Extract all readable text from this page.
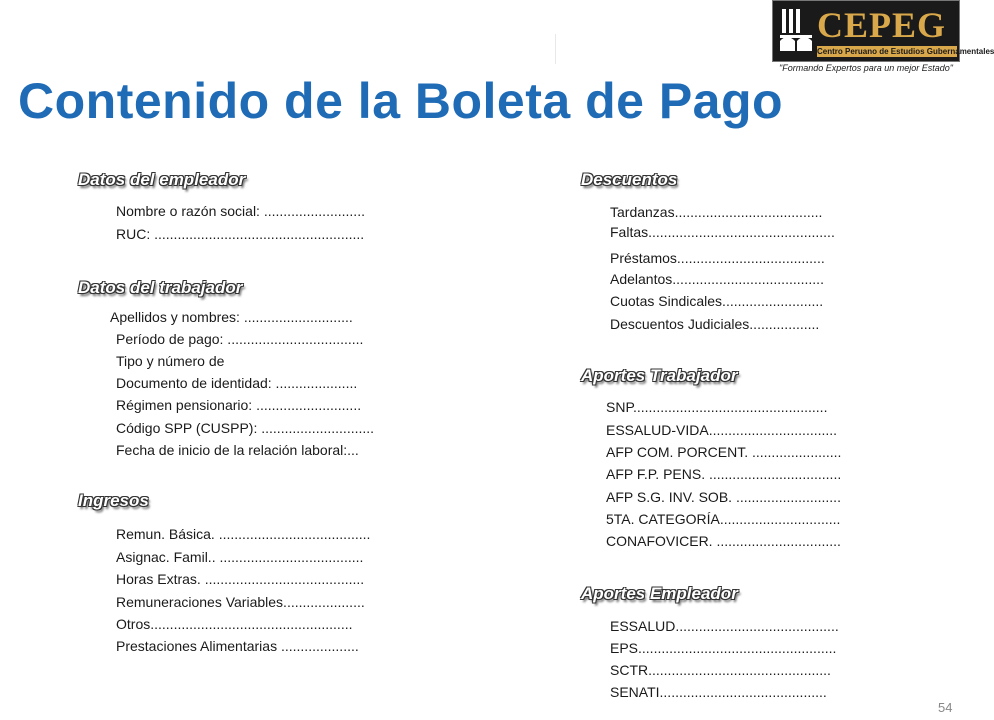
CEPEG
Centro Peruano de Estudios Gubernamentales
"Formando Expertos para un mejor Estado"
Contenido de la Boleta de Pago
Datos del empleador
Nombre o razón social: ..........................
RUC: ......................................................
Datos del trabajador
Apellidos y nombres: ............................
Período de pago: ...................................
Tipo y número de
Documento de identidad: .....................
Régimen pensionario: ...........................
Código SPP (CUSPP): .............................
Fecha de inicio de la relación laboral:...
Ingresos
Remun. Básica. .......................................
Asignac. Famil.. .....................................
Horas Extras. .........................................
Remuneraciones Variables.....................
Otros....................................................
Prestaciones Alimentarias ....................
Descuentos
Tardanzas......................................
Faltas................................................
Préstamos......................................
Adelantos.......................................
Cuotas Sindicales..........................
Descuentos Judiciales..................
Aportes Trabajador
SNP..................................................
ESSALUD-VIDA.................................
AFP COM. PORCENT. .......................
AFP F.P. PENS. ..................................
AFP S.G. INV. SOB. ...........................
5TA. CATEGORÍA...............................
CONAFOVICER. ................................
Aportes Empleador
ESSALUD..........................................
EPS...................................................
SCTR...............................................
SENATI...........................................
54
